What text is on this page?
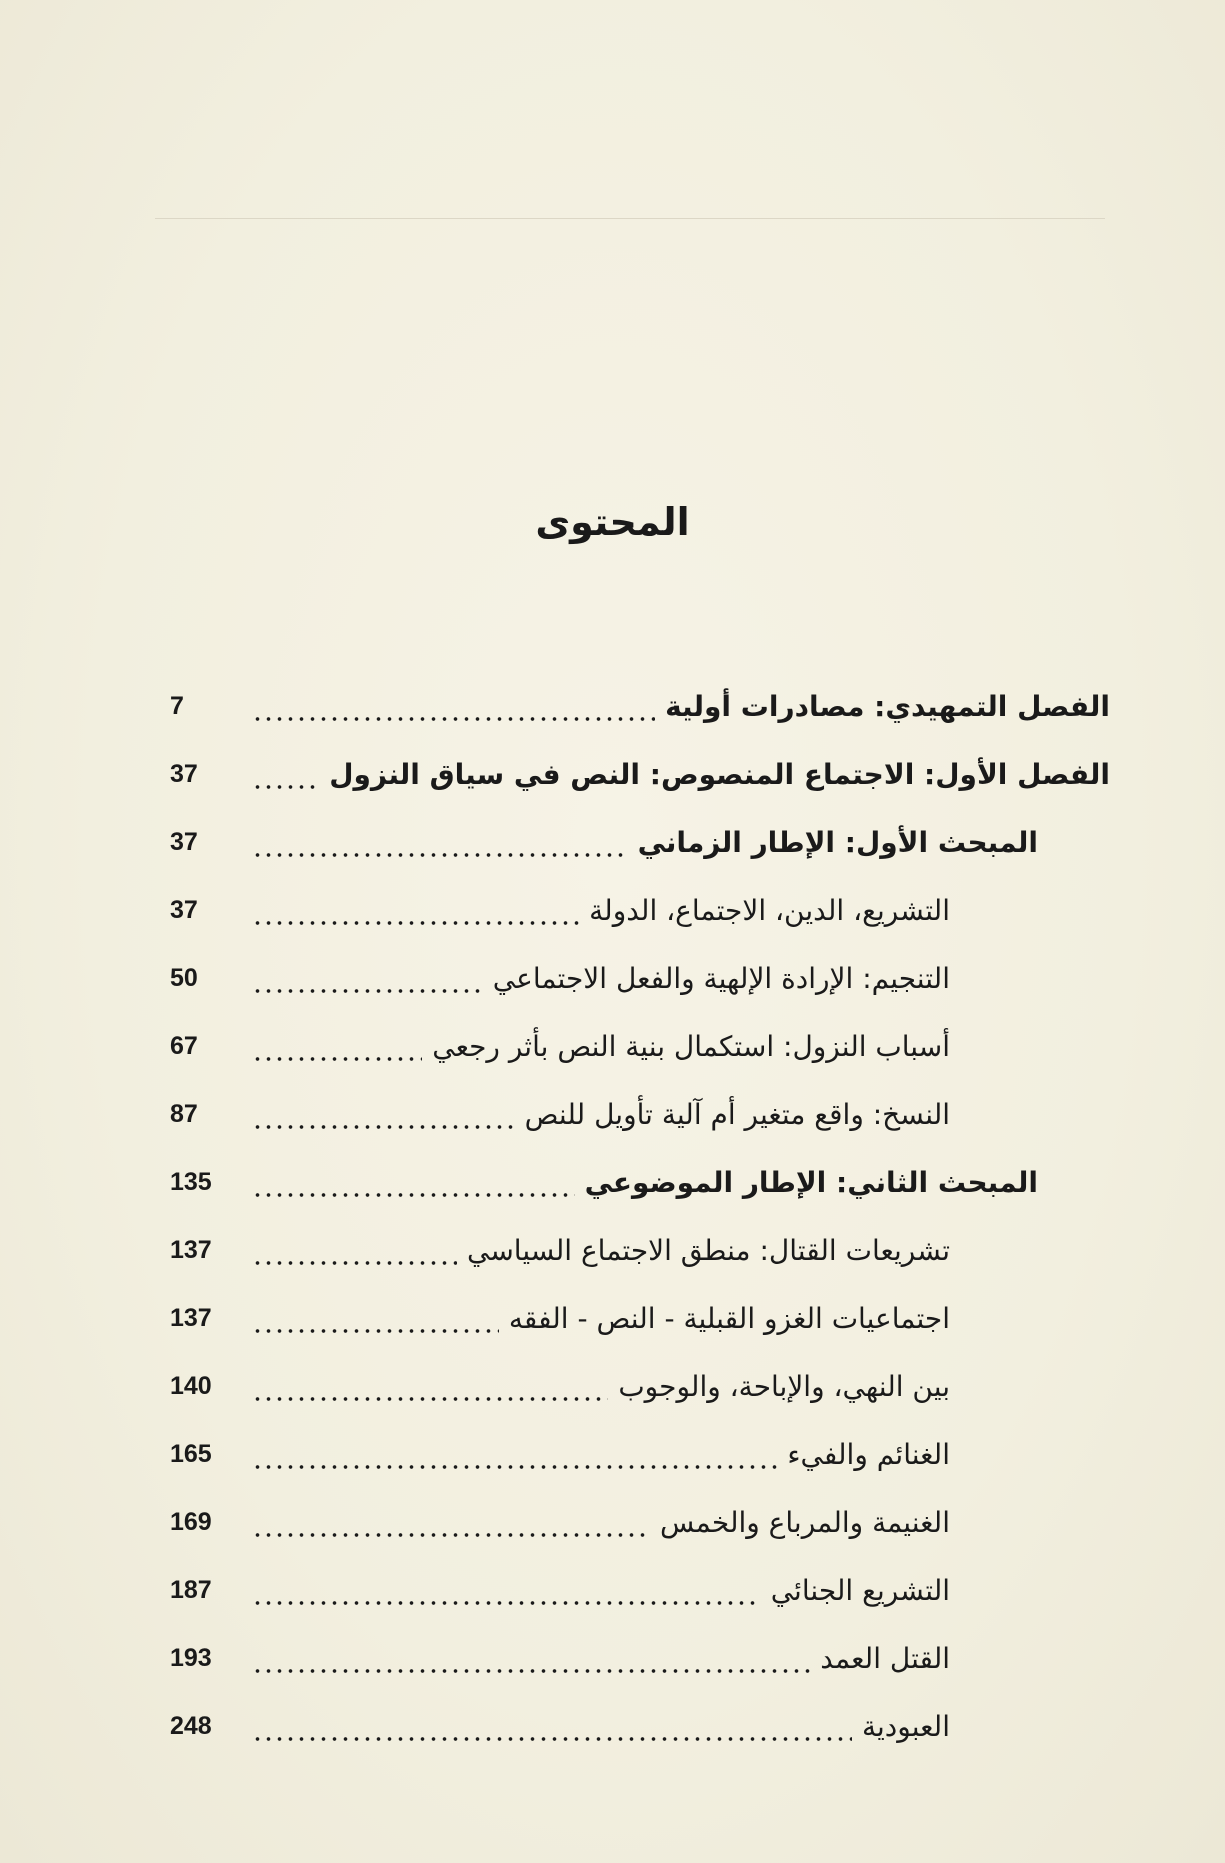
المحتوى
الفصل التمهيدي: مصادرات أولية
7
الفصل الأول: الاجتماع المنصوص: النص في سياق النزول
37
المبحث الأول: الإطار الزماني
37
التشريع، الدين، الاجتماع، الدولة
37
التنجيم: الإرادة الإلهية والفعل الاجتماعي
50
أسباب النزول: استكمال بنية النص بأثر رجعي
67
النسخ: واقع متغير أم آلية تأويل للنص
87
المبحث الثاني: الإطار الموضوعي
135
تشريعات القتال: منطق الاجتماع السياسي
137
اجتماعيات الغزو القبلية - النص - الفقه
137
بين النهي، والإباحة، والوجوب
140
الغنائم والفيء
165
الغنيمة والمرباع والخمس
169
التشريع الجنائي
187
القتل العمد
193
العبودية
248
